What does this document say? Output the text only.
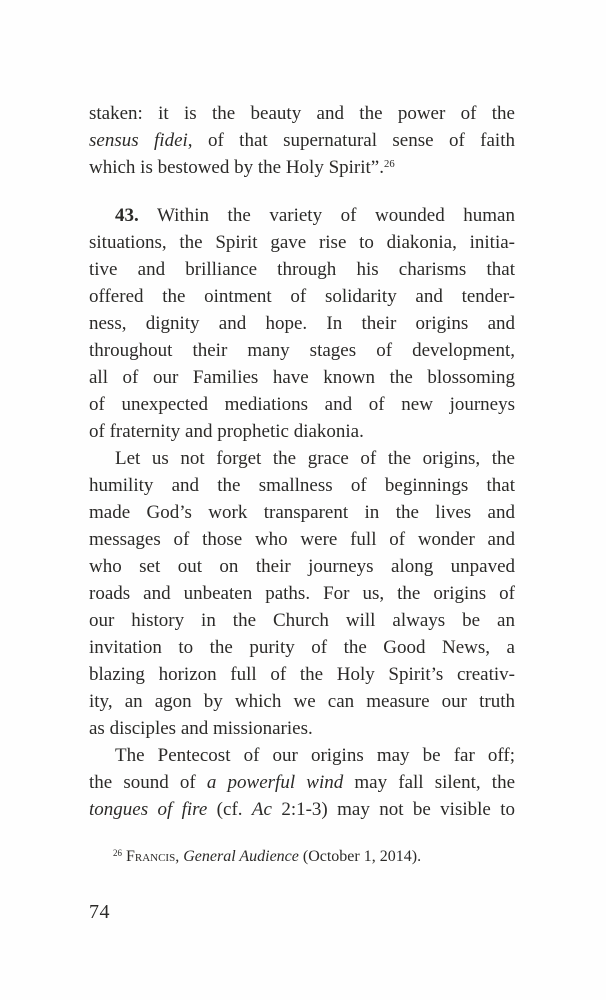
staken: it is the beauty and the power of the
sensus fidei, of that supernatural sense of faith
which is bestowed by the Holy Spirit”.$^{26}$
43. Within the variety of wounded human
situations, the Spirit gave rise to diakonia, initia-
tive and brilliance through his charisms that
offered the ointment of solidarity and tender-
ness, dignity and hope. In their origins and
throughout their many stages of development,
all of our Families have known the blossoming
of unexpected mediations and of new journeys
of fraternity and prophetic diakonia.
Let us not forget the grace of the origins, the
humility and the smallness of beginnings that
made God’s work transparent in the lives and
messages of those who were full of wonder and
who set out on their journeys along unpaved
roads and unbeaten paths. For us, the origins of
our history in the Church will always be an
invitation to the purity of the Good News, a
blazing horizon full of the Holy Spirit’s creativ-
ity, an agon by which we can measure our truth
as disciples and missionaries.
The Pentecost of our origins may be far off;
the sound of a powerful wind may fall silent, the
tongues of fire (cf. Ac 2:1-3) may not be visible to
$^{26}$ Francis, General Audience (October 1, 2014).
74
